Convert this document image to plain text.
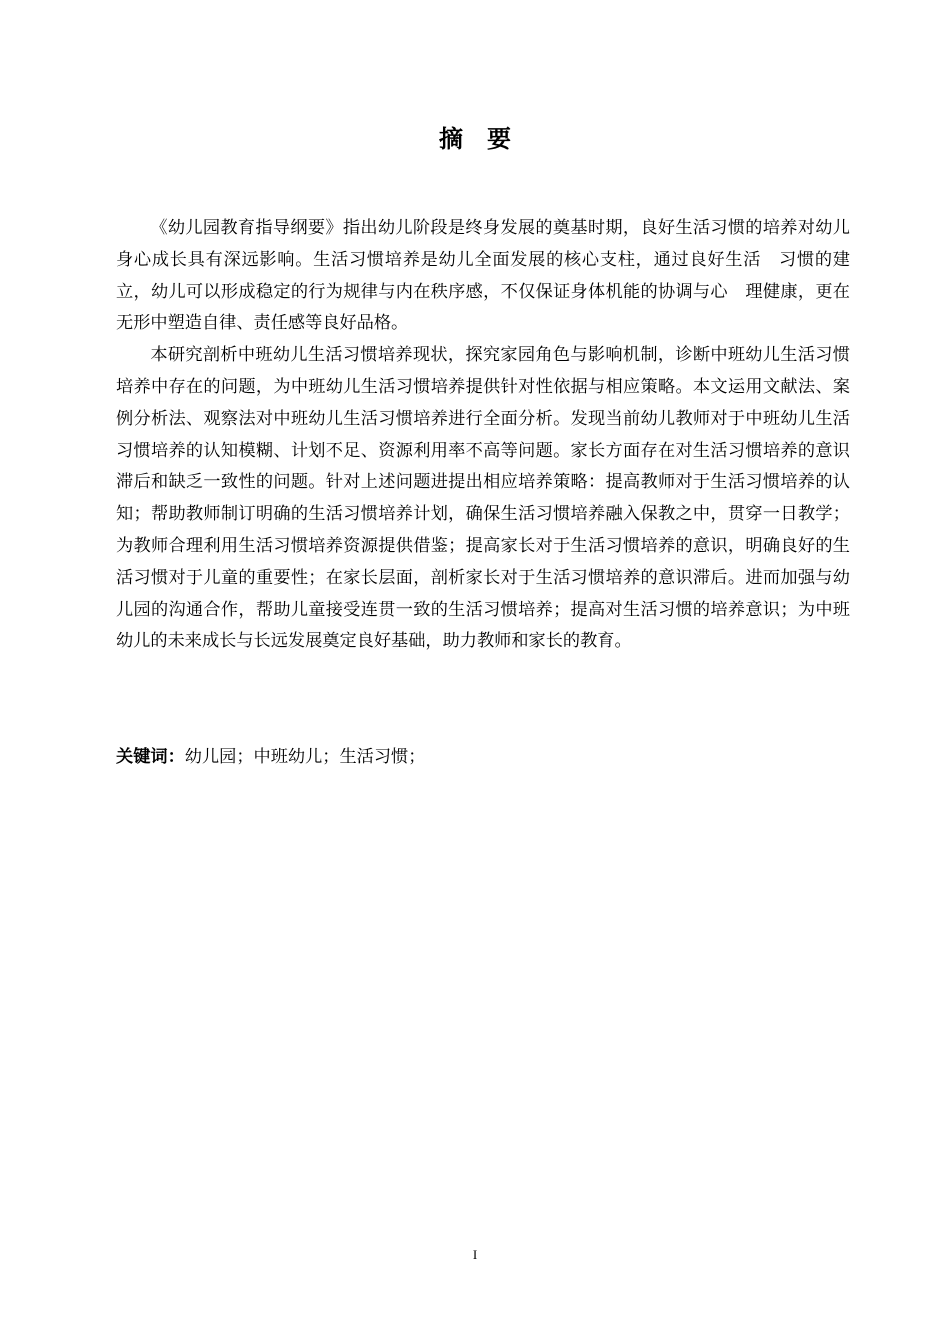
摘 要

《幼儿园教育指导纲要》指出幼儿阶段是终身发展的奠基时期，良好生活习惯的培养对幼儿身心成长具有深远影响。生活习惯培养是幼儿全面发展的核心支柱，通过良好生活　习惯的建立，幼儿可以形成稳定的行为规律与内在秩序感，不仅保证身体机能的协调与心　理健康，更在无形中塑造自律、责任感等良好品格。

本研究剖析中班幼儿生活习惯培养现状，探究家园角色与影响机制，诊断中班幼儿生活习惯培养中存在的问题，为中班幼儿生活习惯培养提供针对性依据与相应策略。本文运用文献法、案例分析法、观察法对中班幼儿生活习惯培养进行全面分析。发现当前幼儿教师对于中班幼儿生活习惯培养的认知模糊、计划不足、资源利用率不高等问题。家长方面存在对生活习惯培养的意识滞后和缺乏一致性的问题。针对上述问题进提出相应培养策略：提高教师对于生活习惯培养的认知；帮助教师制订明确的生活习惯培养计划，确保生活习惯培养融入保教之中，贯穿一日教学；为教师合理利用生活习惯培养资源提供借鉴；提高家长对于生活习惯培养的意识，明确良好的生活习惯对于儿童的重要性；在家长层面，剖析家长对于生活习惯培养的意识滞后。进而加强与幼儿园的沟通合作，帮助儿童接受连贯一致的生活习惯培养；提高对生活习惯的培养意识；为中班幼儿的未来成长与长远发展奠定良好基础，助力教师和家长的教育。

关键词：幼儿园；中班幼儿；生活习惯；
I
